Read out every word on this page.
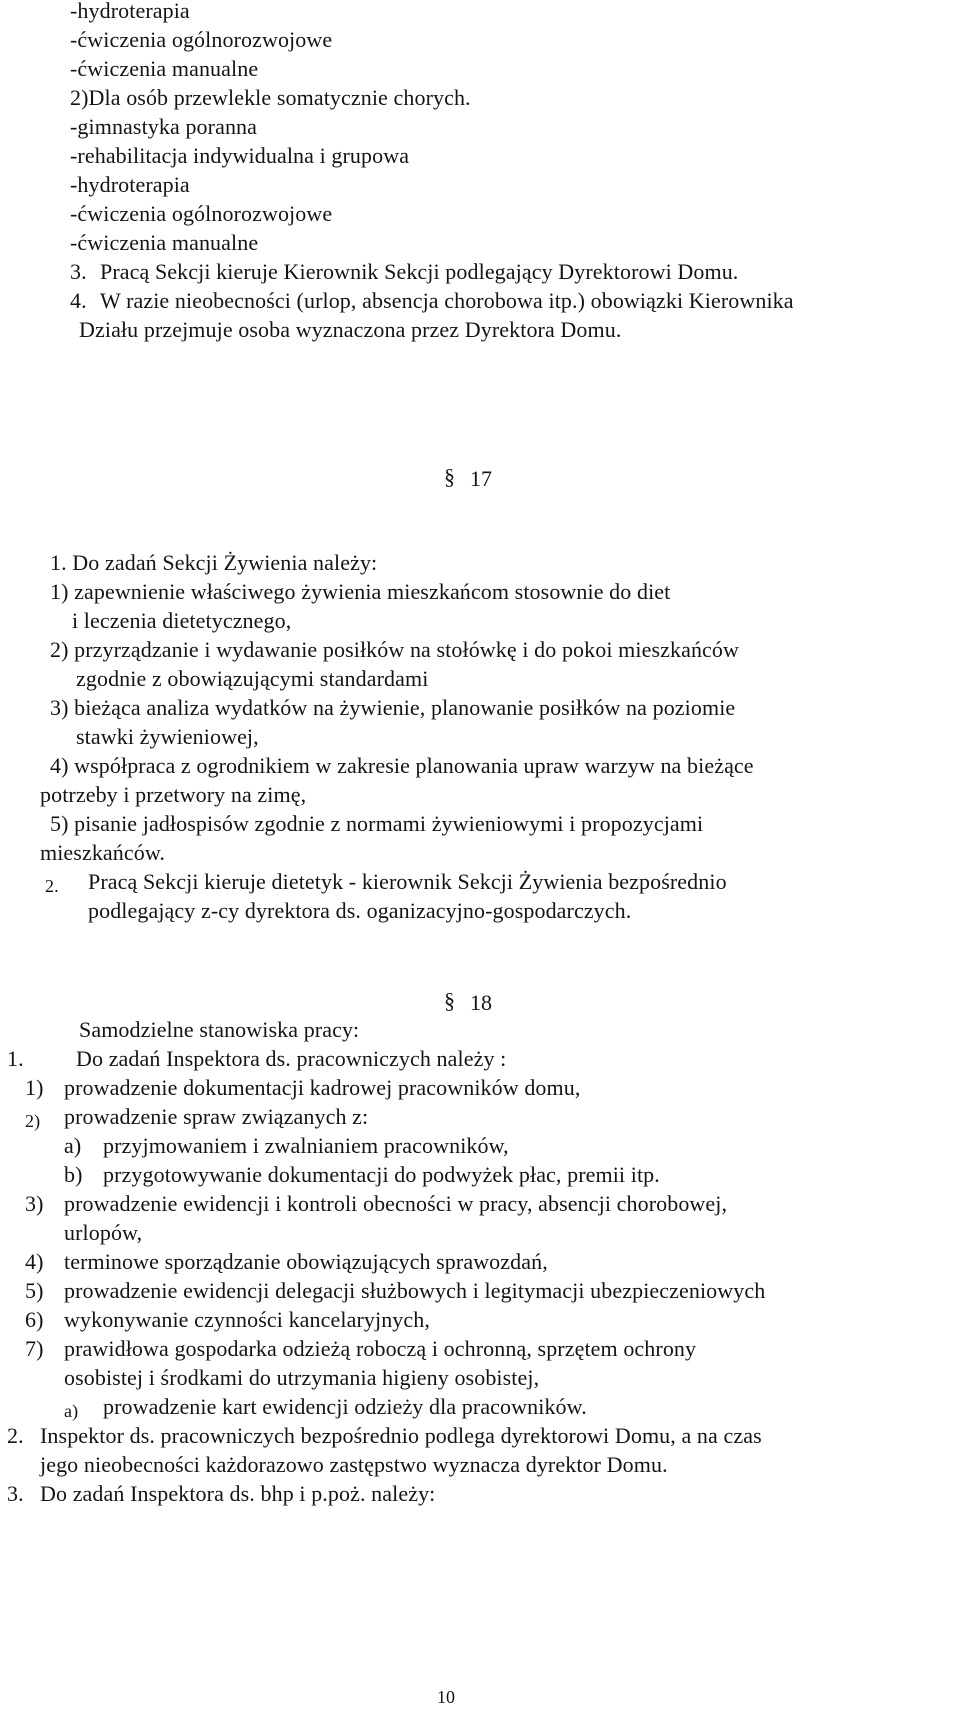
-hydroterapia
-ćwiczenia ogólnorozwojowe
-ćwiczenia manualne
2)Dla osób przewlekle somatycznie chorych.
-gimnastyka poranna
-rehabilitacja indywidualna i grupowa
-hydroterapia
-ćwiczenia ogólnorozwojowe
-ćwiczenia manualne
3. Pracą Sekcji kieruje Kierownik Sekcji podlegający Dyrektorowi Domu.
4. W razie nieobecności (urlop, absencja chorobowa itp.) obowiązki Kierownika
Działu przejmuje osoba wyznaczona przez Dyrektora Domu.
§ 17
1. Do zadań Sekcji Żywienia należy:
1) zapewnienie właściwego żywienia mieszkańcom stosownie do diet
i leczenia dietetycznego,
2) przyrządzanie i wydawanie posiłków na stołówkę i do pokoi mieszkańców
zgodnie z obowiązującymi standardami
3) bieżąca analiza wydatków na żywienie, planowanie posiłków na poziomie
stawki żywieniowej,
4) współpraca z ogrodnikiem w zakresie planowania upraw warzyw na bieżące
potrzeby i przetwory na zimę,
5) pisanie jadłospisów zgodnie z normami żywieniowymi i propozycjami
mieszkańców.
2. Pracą Sekcji kieruje dietetyk - kierownik Sekcji Żywienia bezpośrednio
podlegający z-cy dyrektora ds. oganizacyjno-gospodarczych.
§ 18
Samodzielne stanowiska pracy:
1. Do zadań Inspektora ds. pracowniczych należy :
1) prowadzenie dokumentacji kadrowej pracowników domu,
2) prowadzenie spraw związanych z:
a) przyjmowaniem i zwalnianiem pracowników,
b) przygotowywanie dokumentacji do podwyżek płac, premii itp.
3) prowadzenie ewidencji i kontroli obecności w pracy, absencji chorobowej,
urlopów,
4) terminowe sporządzanie obowiązujących sprawozdań,
5) prowadzenie ewidencji delegacji służbowych i legitymacji ubezpieczeniowych
6) wykonywanie czynności kancelaryjnych,
7) prawidłowa gospodarka odzieżą roboczą i ochronną, sprzętem ochrony
osobistej i środkami do utrzymania higieny osobistej,
a) prowadzenie kart ewidencji odzieży dla pracowników.
2. Inspektor ds. pracowniczych bezpośrednio podlega dyrektorowi Domu, a na czas
jego nieobecności każdorazowo zastępstwo wyznacza dyrektor Domu.
3. Do zadań Inspektora ds. bhp i p.poż. należy:
10
